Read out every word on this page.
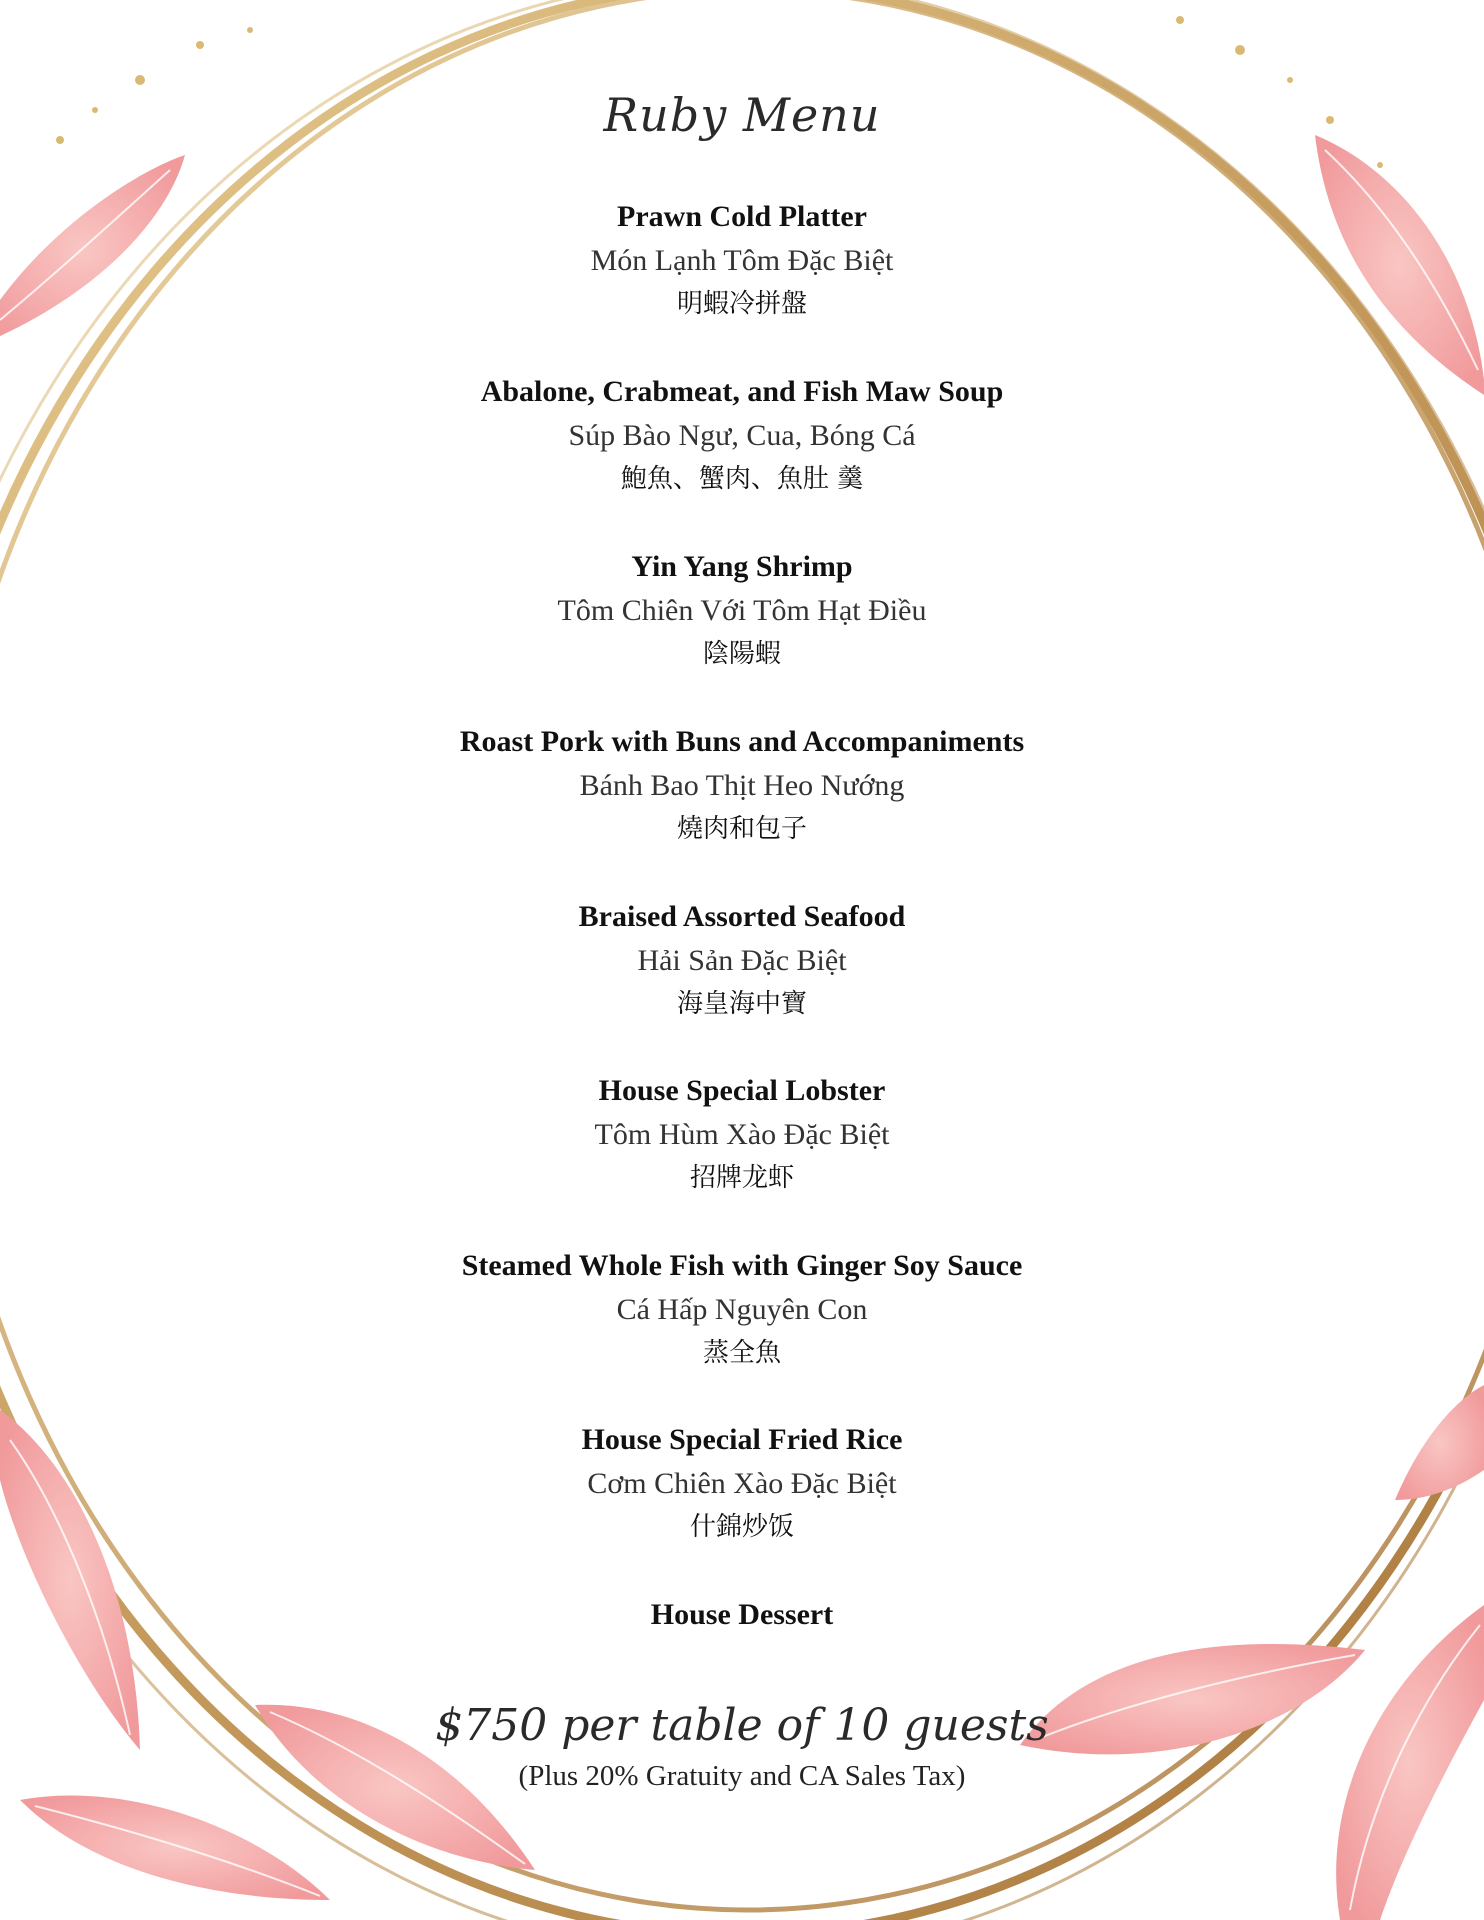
Ruby Menu
Prawn Cold Platter
Món Lạnh Tôm Đặc Biệt
明蝦冷拼盤
Abalone, Crabmeat, and Fish Maw Soup
Súp Bào Ngư, Cua, Bóng Cá
鮑魚、蟹肉、魚肚 羹
Yin Yang Shrimp
Tôm Chiên Với Tôm Hạt Điều
陰陽蝦
Roast Pork with Buns and Accompaniments
Bánh Bao Thịt Heo Nướng
燒肉和包子
Braised Assorted Seafood
Hải Sản Đặc Biệt
海皇海中寶
House Special Lobster
Tôm Hùm Xào Đặc Biệt
招牌龙虾
Steamed Whole Fish with Ginger Soy Sauce
Cá Hấp Nguyên Con
蒸全魚
House Special Fried Rice
Cơm Chiên Xào Đặc Biệt
什錦炒饭
House Dessert
$750 per table of 10 guests
(Plus 20% Gratuity and CA Sales Tax)
